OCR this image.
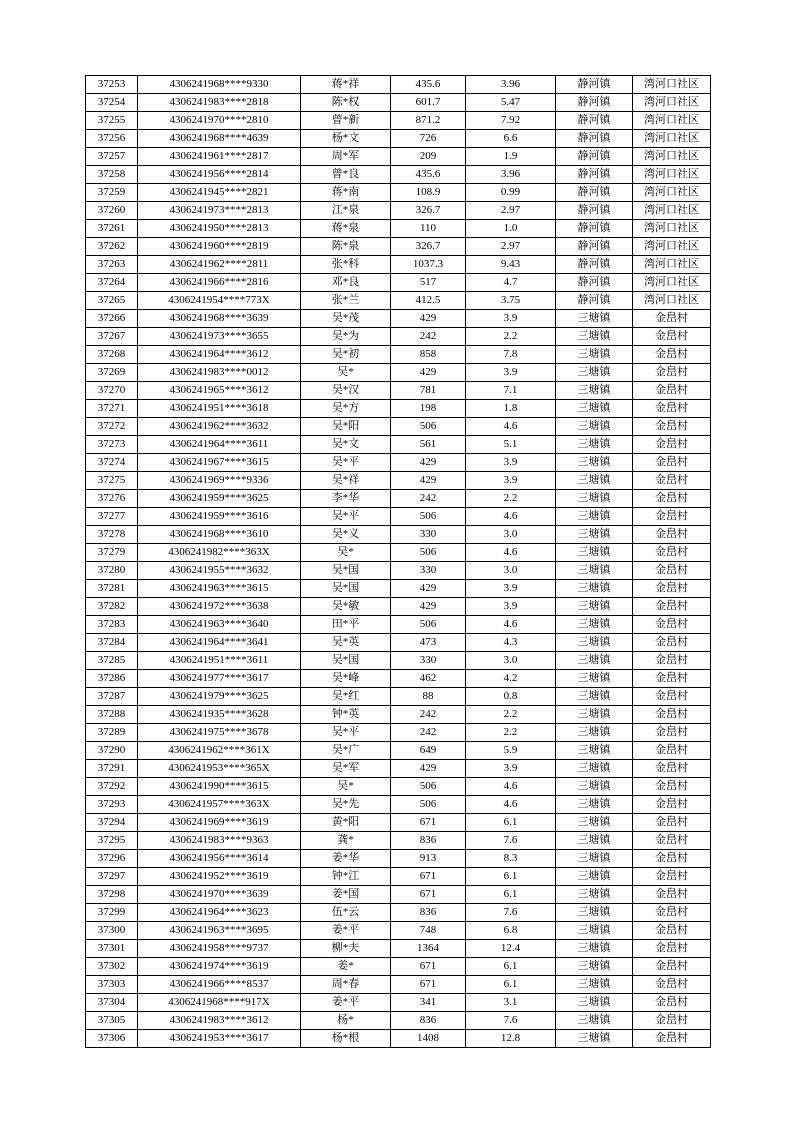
37253	4306241968****9330	蒋*祥	435.6	3.96	静河镇	湾河口社区
37254	4306241983****2818	陈*权	601.7	5.47	静河镇	湾河口社区
37255	4306241970****2810	曾*新	871.2	7.92	静河镇	湾河口社区
37256	4306241968****4639	杨*文	726	6.6	静河镇	湾河口社区
37257	4306241961****2817	周*军	209	1.9	静河镇	湾河口社区
37258	4306241956****2814	曾*良	435.6	3.96	静河镇	湾河口社区
37259	4306241945****2821	蒋*南	108.9	0.99	静河镇	湾河口社区
37260	4306241973****2813	江*泉	326.7	2.97	静河镇	湾河口社区
37261	4306241950****2813	蒋*泉	110	1.0	静河镇	湾河口社区
37262	4306241960****2819	陈*泉	326.7	2.97	静河镇	湾河口社区
37263	4306241962****2811	张*科	1037.3	9.43	静河镇	湾河口社区
37264	4306241966****2816	邓*良	517	4.7	静河镇	湾河口社区
37265	4306241954****773X	张*兰	412.5	3.75	静河镇	湾河口社区
37266	4306241968****3639	吴*茂	429	3.9	三塘镇	金峊村
37267	4306241973****3655	吴*为	242	2.2	三塘镇	金峊村
37268	4306241964****3612	吴*初	858	7.8	三塘镇	金峊村
37269	4306241983****0012	吴*	429	3.9	三塘镇	金峊村
37270	4306241965****3612	吴*汉	781	7.1	三塘镇	金峊村
37271	4306241951****3618	吴*方	198	1.8	三塘镇	金峊村
37272	4306241962****3632	吴*阳	506	4.6	三塘镇	金峊村
37273	4306241964****3611	吴*文	561	5.1	三塘镇	金峊村
37274	4306241967****3615	吴*平	429	3.9	三塘镇	金峊村
37275	4306241969****9336	吴*祥	429	3.9	三塘镇	金峊村
37276	4306241959****3625	李*华	242	2.2	三塘镇	金峊村
37277	4306241959****3616	吴*平	506	4.6	三塘镇	金峊村
37278	4306241968****3610	吴*义	330	3.0	三塘镇	金峊村
37279	4306241982****363X	吴*	506	4.6	三塘镇	金峊村
37280	4306241955****3632	吴*国	330	3.0	三塘镇	金峊村
37281	4306241963****3615	吴*国	429	3.9	三塘镇	金峊村
37282	4306241972****3638	吴*敏	429	3.9	三塘镇	金峊村
37283	4306241963****3640	田*平	506	4.6	三塘镇	金峊村
37284	4306241964****3641	吴*英	473	4.3	三塘镇	金峊村
37285	4306241951****3611	吴*国	330	3.0	三塘镇	金峊村
37286	4306241977****3617	吴*峰	462	4.2	三塘镇	金峊村
37287	4306241979****3625	吴*红	88	0.8	三塘镇	金峊村
37288	4306241935****3628	钟*英	242	2.2	三塘镇	金峊村
37289	4306241975****3678	吴*平	242	2.2	三塘镇	金峊村
37290	4306241962****361X	吴*广	649	5.9	三塘镇	金峊村
37291	4306241953****365X	吴*军	429	3.9	三塘镇	金峊村
37292	4306241990****3615	吴*	506	4.6	三塘镇	金峊村
37293	4306241957****363X	吴*先	506	4.6	三塘镇	金峊村
37294	4306241969****3619	黄*阳	671	6.1	三塘镇	金峊村
37295	4306241983****9363	龚*	836	7.6	三塘镇	金峊村
37296	4306241956****3614	姜*华	913	8.3	三塘镇	金峊村
37297	4306241952****3619	钟*江	671	6.1	三塘镇	金峊村
37298	4306241970****3639	姜*国	671	6.1	三塘镇	金峊村
37299	4306241964****3623	伍*云	836	7.6	三塘镇	金峊村
37300	4306241963****3695	姜*平	748	6.8	三塘镇	金峊村
37301	4306241958****9737	柳*夫	1364	12.4	三塘镇	金峊村
37302	4306241974****3619	姜*	671	6.1	三塘镇	金峊村
37303	4306241966****8537	周*春	671	6.1	三塘镇	金峊村
37304	4306241968****917X	姜*平	341	3.1	三塘镇	金峊村
37305	4306241983****3612	杨*	836	7.6	三塘镇	金峊村
37306	4306241953****3617	杨*根	1408	12.8	三塘镇	金峊村
